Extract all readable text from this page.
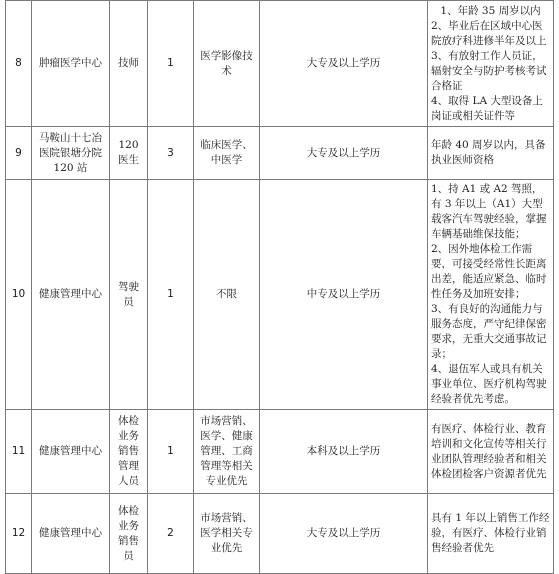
8	肿瘤医学中心	技师	1	医学影像技术	大专及以上学历	1、年龄 35 周岁以内
2、毕业后在区域中心医院放疗科进修半年及以上
3、有放射工作人员证，辐射安全与防护考核考试合格证
4、取得 LA 大型设备上岗证或相关证件等

9	马鞍山十七冶医院银塘分院 120 站	120 医生	3	临床医学、中医学	大专及以上学历	年龄 40 周岁以内，具备执业医师资格

10	健康管理中心	驾驶员	1	不限	中专及以上学历	1、持 A1 或 A2 驾照，有 3 年以上（A1）大型载客汽车驾驶经验，掌握车辆基础维保技能；
2、因外地体检工作需要，可接受经常性长距离出差，能适应紧急、临时性任务及加班安排；
3、有良好的沟通能力与服务态度，严守纪律保密要求，无重大交通事故记录；
4、退伍军人或具有机关事业单位、医疗机构驾驶经验者优先考虑。

11	健康管理中心	体检业务销售管理人员	1	市场营销、医学、健康管理、工商管理等相关专业优先	本科及以上学历	有医疗、体检行业、教育培训和文化宣传等相关行业团队管理经验者和相关体检团检客户资源者优先

12	健康管理中心	体检业务销售员	2	市场营销、医学相关专业优先	大专及以上学历	具有 1 年以上销售工作经验，有医疗、体检行业销售经验者优先
